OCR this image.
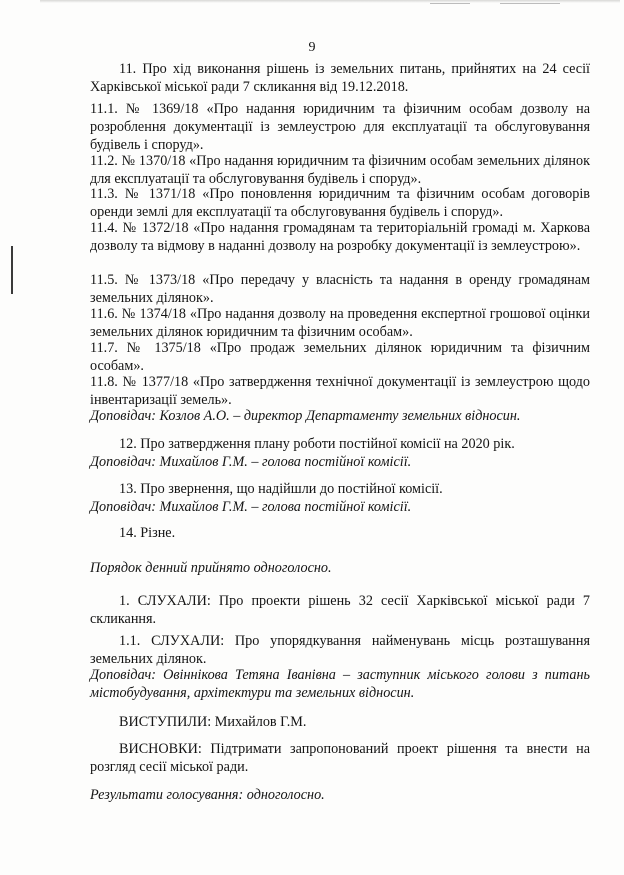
9

11. Про хід виконання рішень із земельних питань, прийнятих на 24 сесії Харківської міської ради 7 скликання від 19.12.2018.

11.1. № 1369/18 «Про надання юридичним та фізичним особам дозволу на розроблення документації із землеустрою для експлуатації та обслуговування будівель і споруд».

11.2. № 1370/18 «Про надання юридичним та фізичним особам земельних ділянок для експлуатації та обслуговування будівель і споруд».

11.3. № 1371/18 «Про поновлення юридичним та фізичним особам договорів оренди землі для експлуатації та обслуговування будівель і споруд».

11.4. № 1372/18 «Про надання громадянам та територіальній громаді м. Харкова дозволу та відмову в наданні дозволу на розробку документації із землеустрою».

11.5. № 1373/18 «Про передачу у власність та надання в оренду громадянам земельних ділянок».

11.6. № 1374/18 «Про надання дозволу на проведення експертної грошової оцінки земельних ділянок юридичним та фізичним особам».

11.7. № 1375/18 «Про продаж земельних ділянок юридичним та фізичним особам».

11.8. № 1377/18 «Про затвердження технічної документації із землеустрою щодо інвентаризації земель».

Доповідач: Козлов А.О. – директор Департаменту земельних відносин.

12. Про затвердження плану роботи постійної комісії на 2020 рік.

Доповідач: Михайлов Г.М. – голова постійної комісії.

13. Про звернення, що надійшли до постійної комісії.

Доповідач: Михайлов Г.М. – голова постійної комісії.

14. Різне.

Порядок денний прийнято одноголосно.

1. СЛУХАЛИ: Про проекти рішень 32 сесії Харківської міської ради 7 скликання.

1.1. СЛУХАЛИ: Про упорядкування найменувань місць розташування земельних ділянок.

Доповідач: Овіннікова Тетяна Іванівна – заступник міського голови з питань містобудування, архітектури та земельних відносин.

ВИСТУПИЛИ: Михайлов Г.М.

ВИСНОВКИ: Підтримати запропонований проект рішення та внести на розгляд сесії міської ради.

Результати голосування: одноголосно.
